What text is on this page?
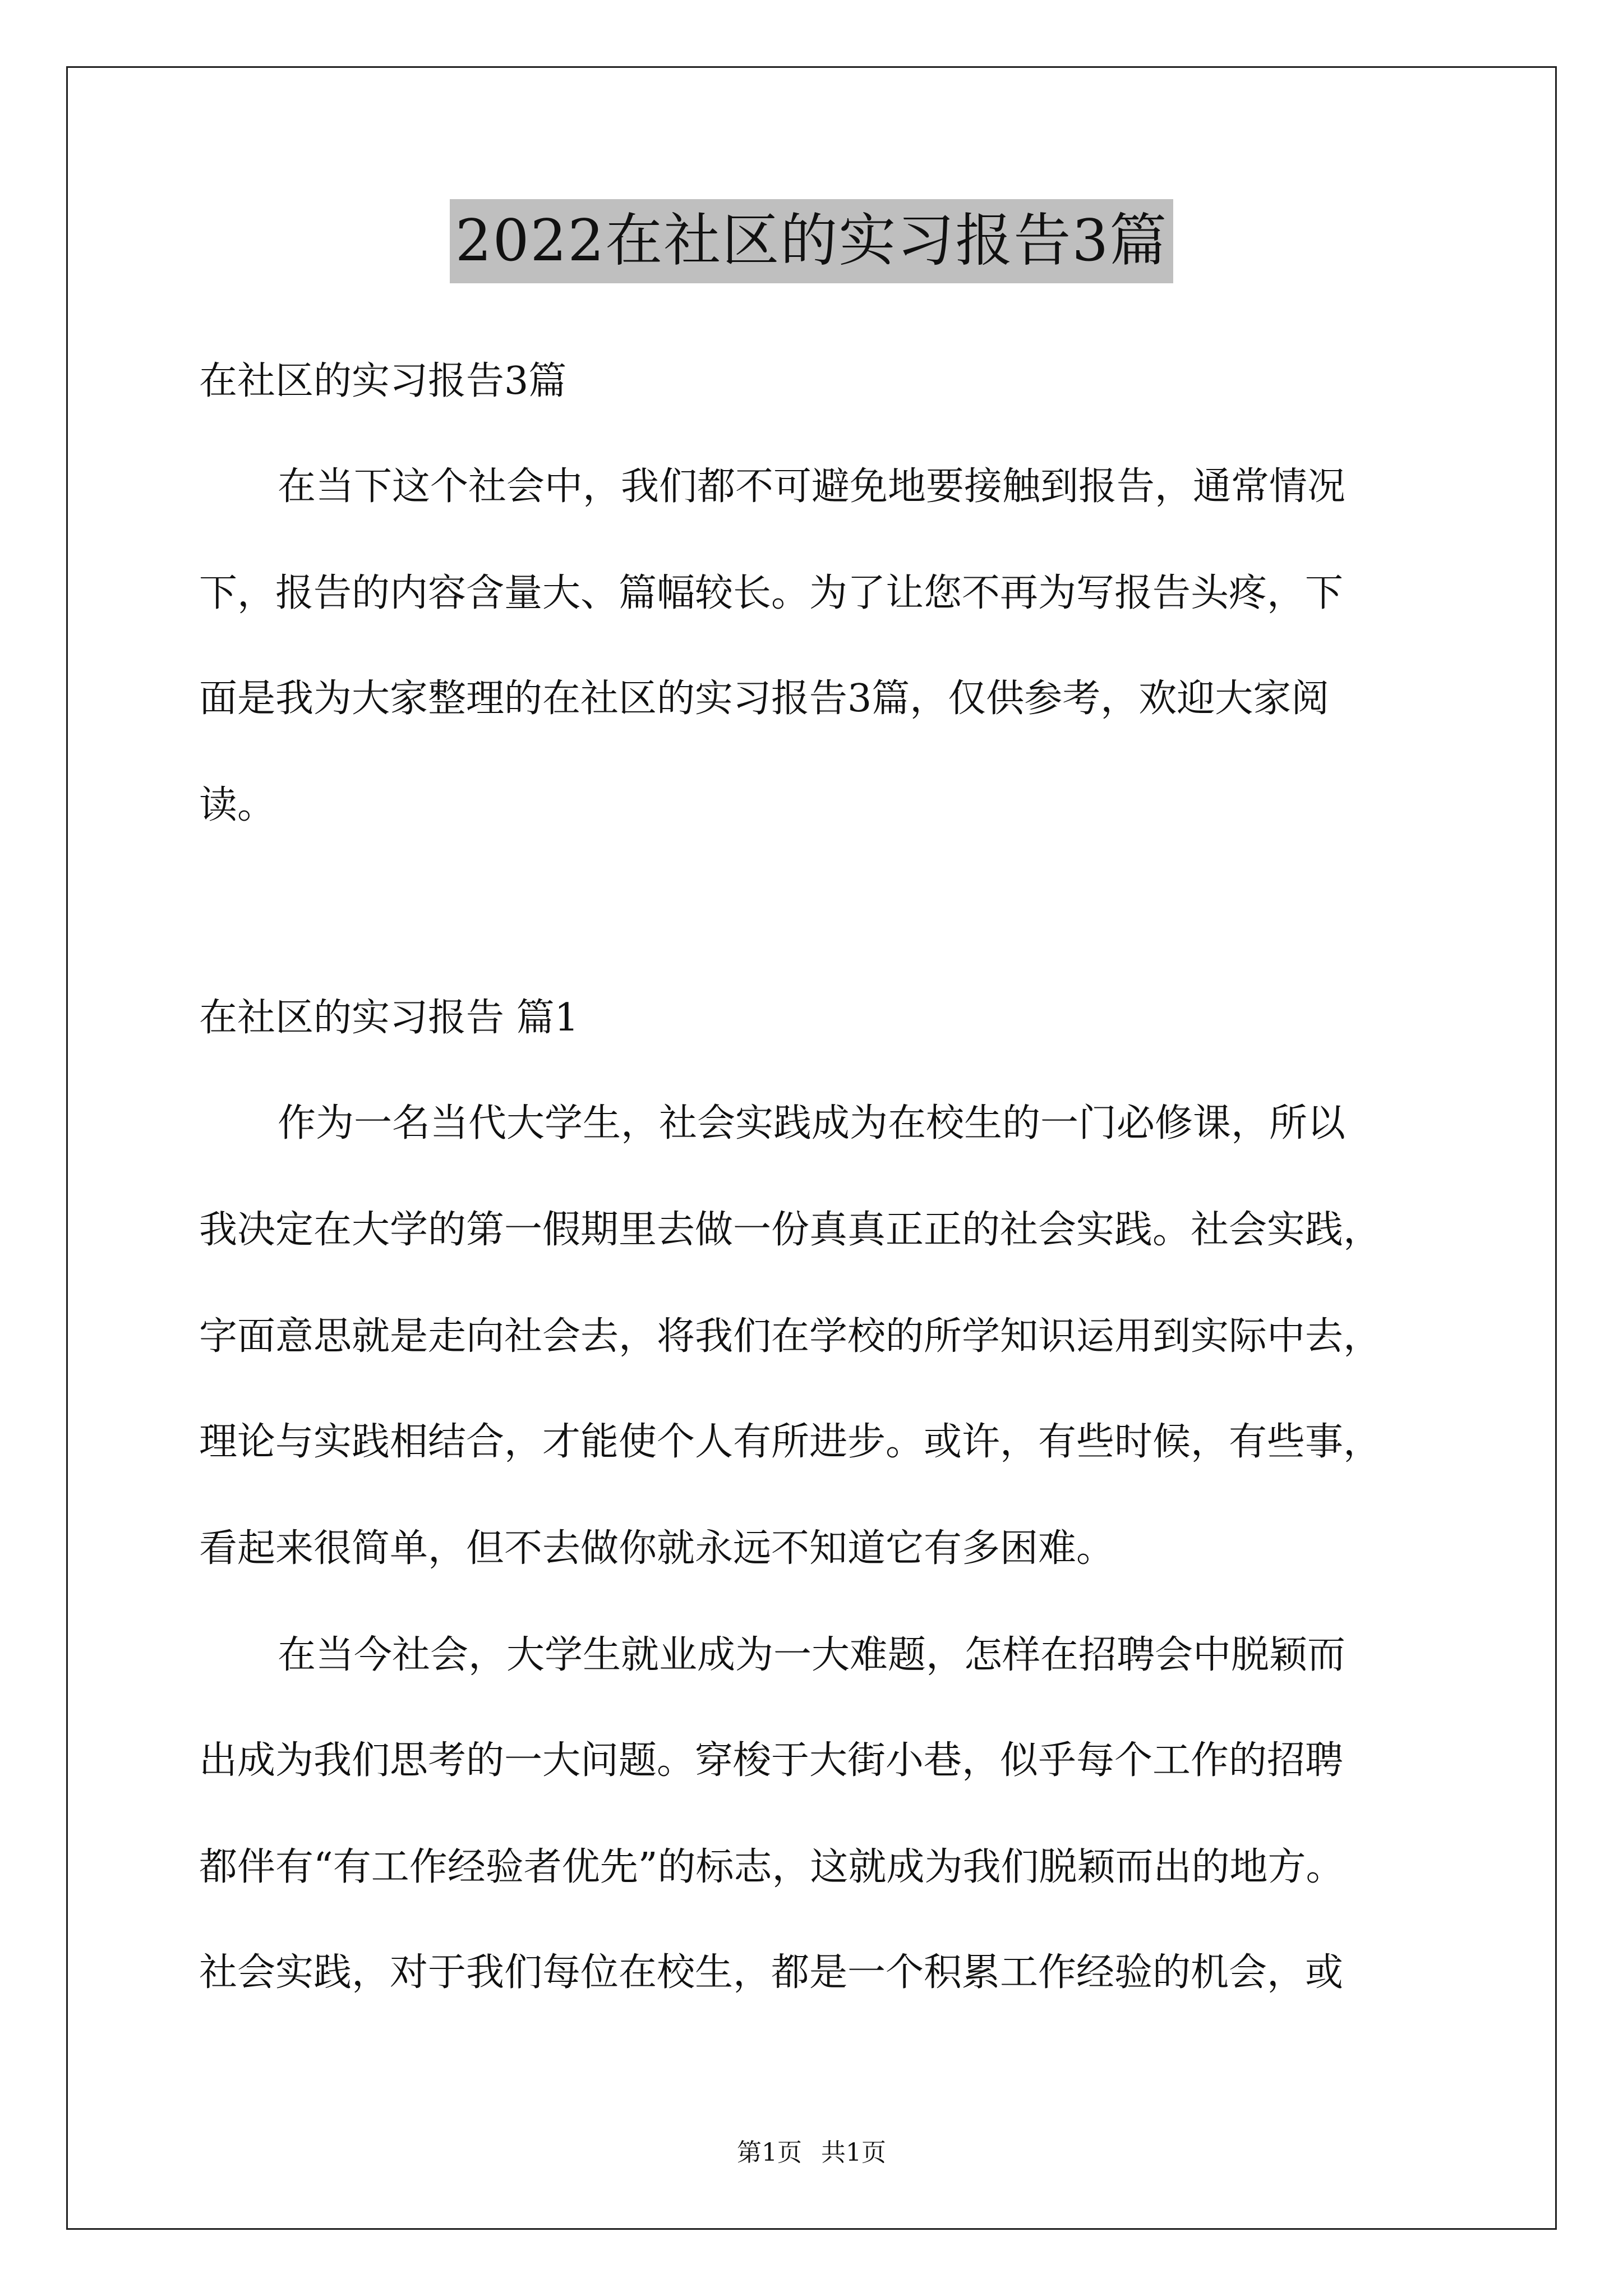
2022在社区的实习报告3篇
在社区的实习报告3篇
在当下这个社会中，我们都不可避免地要接触到报告，通常情况
下，报告的内容含量大、篇幅较长。为了让您不再为写报告头疼，下
面是我为大家整理的在社区的实习报告3篇，仅供参考，欢迎大家阅
读。
在社区的实习报告 篇1
作为一名当代大学生，社会实践成为在校生的一门必修课，所以
我决定在大学的第一假期里去做一份真真正正的社会实践。社会实践，
字面意思就是走向社会去，将我们在学校的所学知识运用到实际中去，
理论与实践相结合，才能使个人有所进步。或许，有些时候，有些事，
看起来很简单，但不去做你就永远不知道它有多困难。
在当今社会，大学生就业成为一大难题，怎样在招聘会中脱颖而
出成为我们思考的一大问题。穿梭于大街小巷，似乎每个工作的招聘
都伴有“有工作经验者优先”的标志，这就成为我们脱颖而出的地方。
社会实践，对于我们每位在校生，都是一个积累工作经验的机会，或
第1页 共1页
